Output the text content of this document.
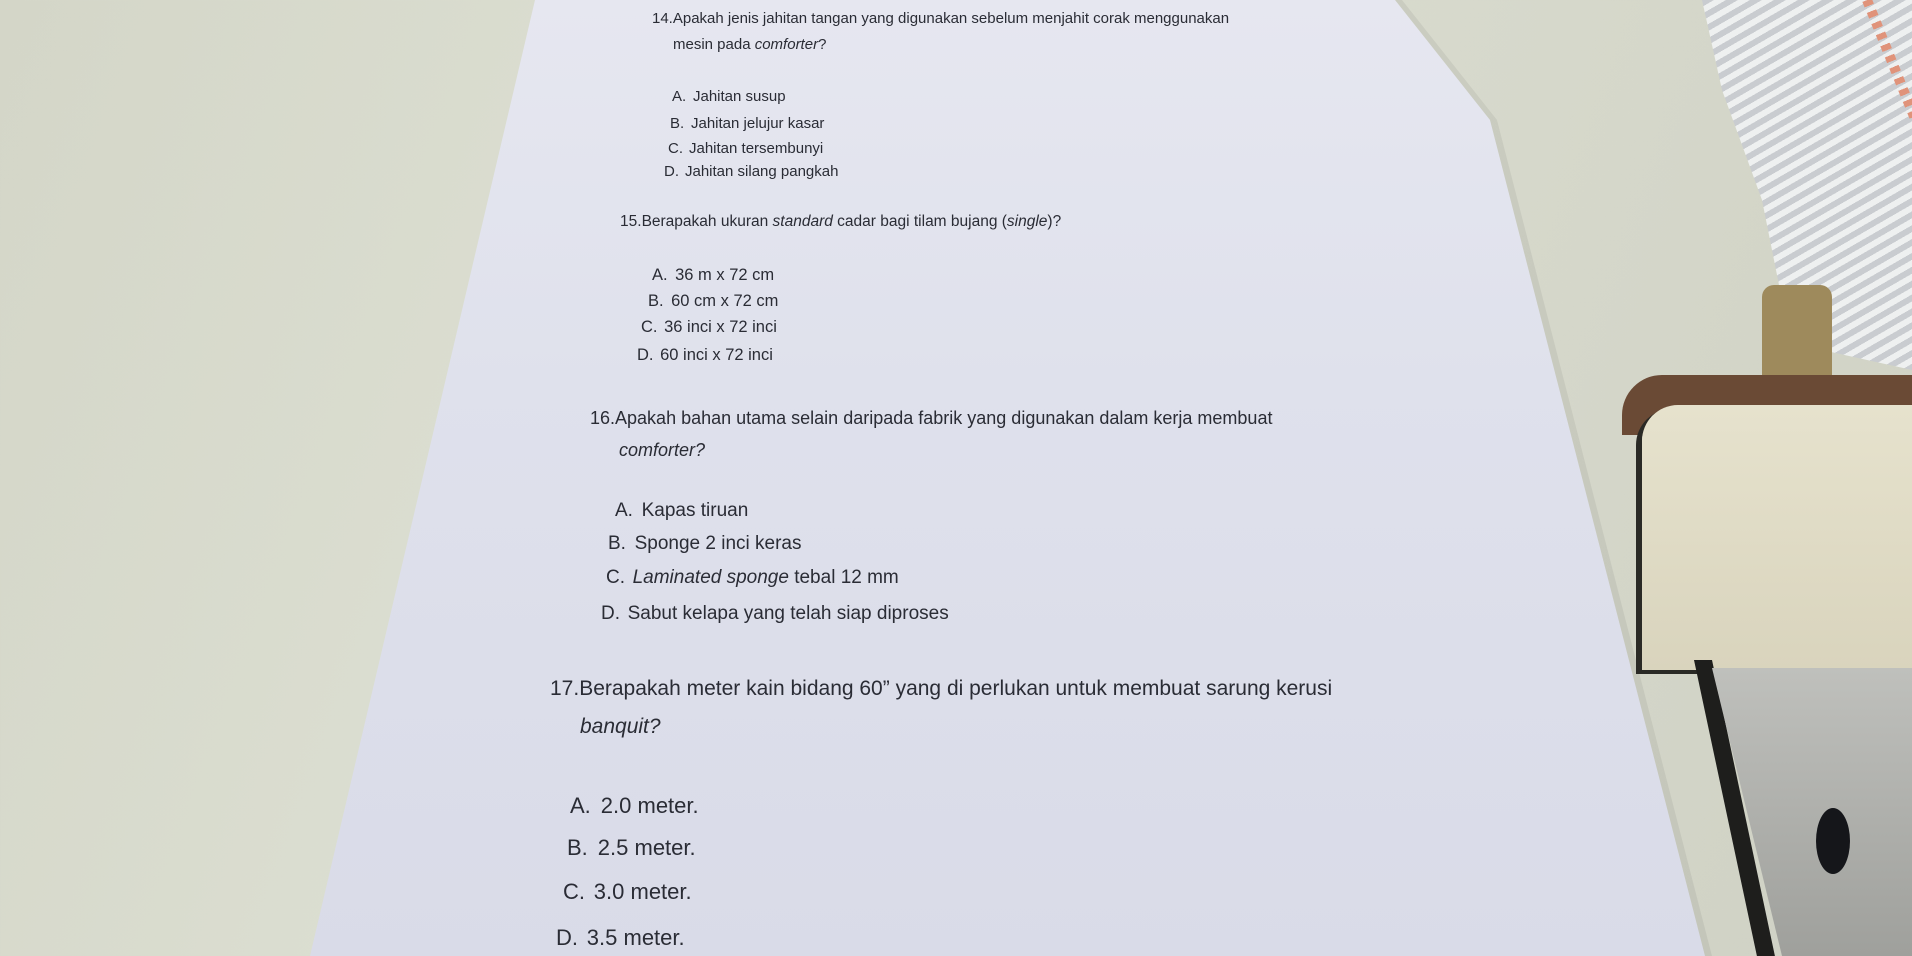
14.Apakah jenis jahitan tangan yang digunakan sebelum menjahit corak menggunakan
mesin pada comforter?

A. Jahitan susup

B. Jahitan jelujur kasar

C. Jahitan tersembunyi

D. Jahitan silang pangkah

15.Berapakah ukuran standard cadar bagi tilam bujang (single)?

A. 36 m x 72 cm

B. 60 cm x 72 cm

C. 36 inci x 72 inci

D. 60 inci x 72 inci

16.Apakah bahan utama selain daripada fabrik yang digunakan dalam kerja membuat
comforter?

A. Kapas tiruan

B. Sponge 2 inci keras

C. Laminated sponge tebal 12 mm

D. Sabut kelapa yang telah siap diproses

17.Berapakah meter kain bidang 60” yang di perlukan untuk membuat sarung kerusi
banquit?

A. 2.0 meter.

B. 2.5 meter.

C. 3.0 meter.

D. 3.5 meter.
